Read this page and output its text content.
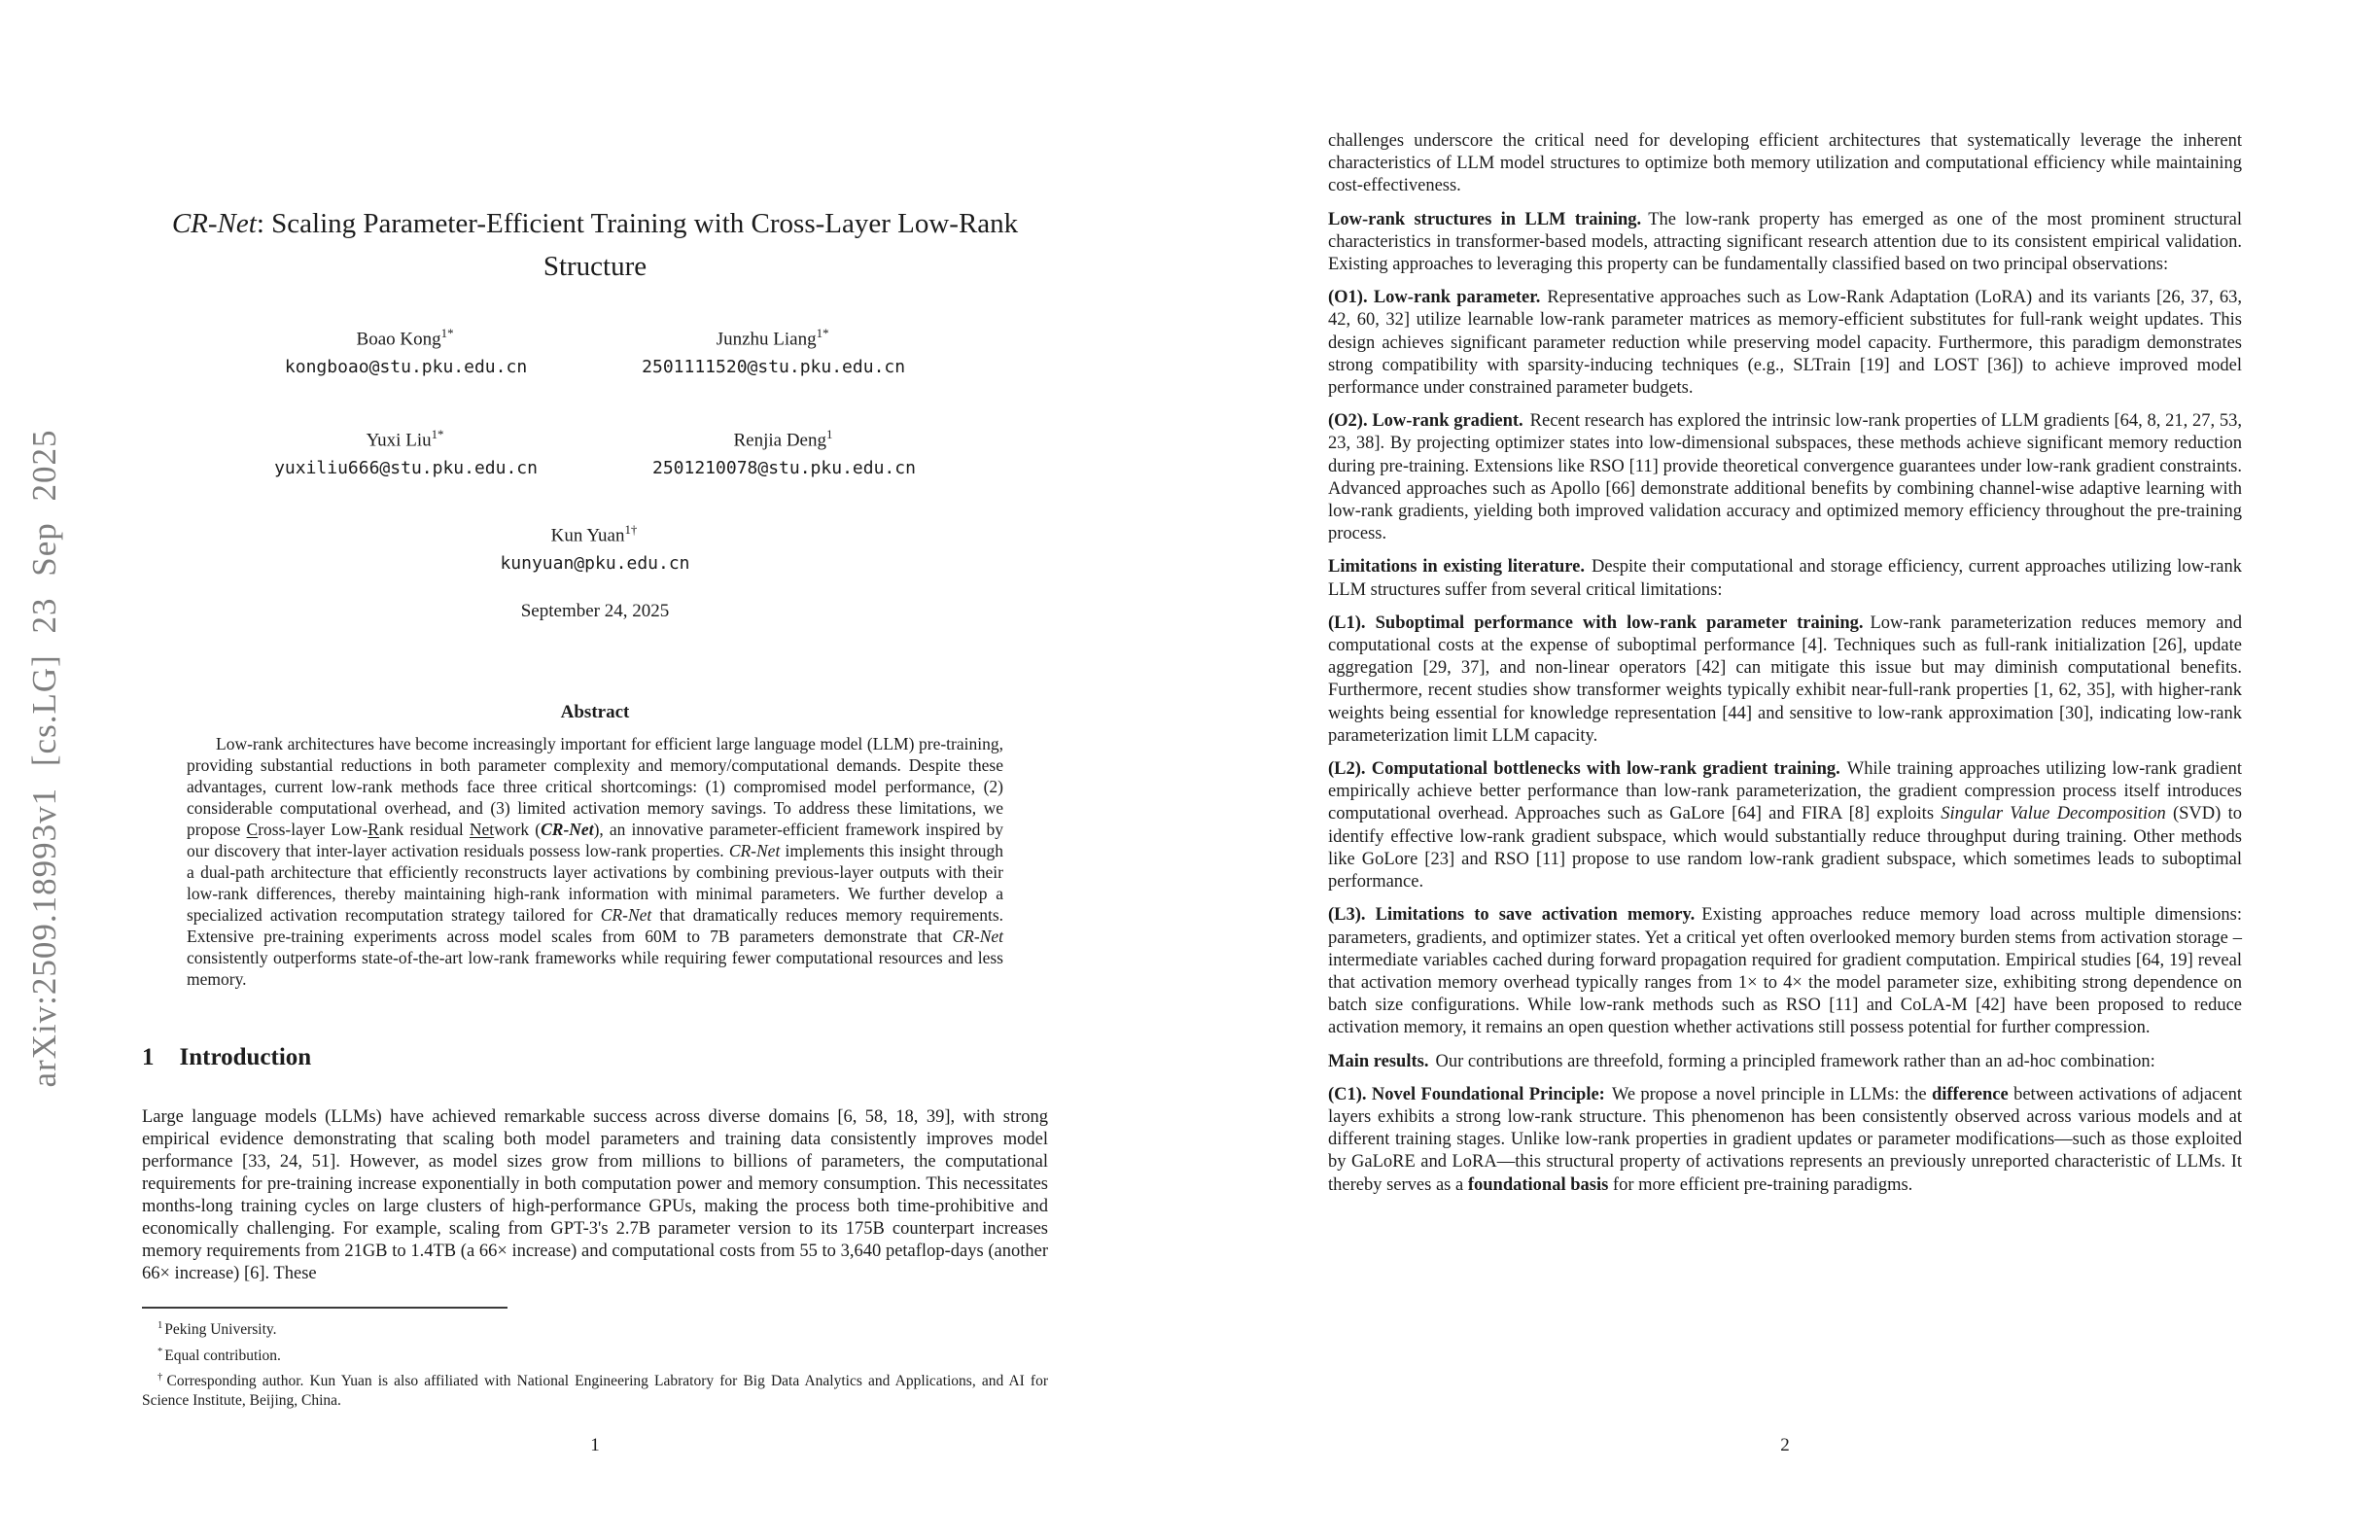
arXiv:2509.18993v1 [cs.LG] 23 Sep 2025
CR-Net: Scaling Parameter-Efficient Training with Cross-Layer Low-Rank Structure
Boao Kong$^{1*}$
kongboao@stu.pku.edu.cn
Junzhu Liang$^{1*}$
2501111520@stu.pku.edu.cn
Yuxi Liu$^{1*}$
yuxiliu666@stu.pku.edu.cn
Renjia Deng$^1$
2501210078@stu.pku.edu.cn
Kun Yuan$^{1\dagger}$
kunyuan@pku.edu.cn
September 24, 2025
Abstract
Low-rank architectures have become increasingly important for efficient large language model (LLM) pre-training, providing substantial reductions in both parameter complexity and memory/computational demands. Despite these advantages, current low-rank methods face three critical shortcomings: (1) compromised model performance, (2) considerable computational overhead, and (3) limited activation memory savings. To address these limitations, we propose Cross-layer Low-Rank residual Network (CR-Net), an innovative parameter-efficient framework inspired by our discovery that inter-layer activation residuals possess low-rank properties. CR-Net implements this insight through a dual-path architecture that efficiently reconstructs layer activations by combining previous-layer outputs with their low-rank differences, thereby maintaining high-rank information with minimal parameters. We further develop a specialized activation recomputation strategy tailored for CR-Net that dramatically reduces memory requirements. Extensive pre-training experiments across model scales from 60M to 7B parameters demonstrate that CR-Net consistently outperforms state-of-the-art low-rank frameworks while requiring fewer computational resources and less memory.
1 Introduction
Large language models (LLMs) have achieved remarkable success across diverse domains [6, 58, 18, 39], with strong empirical evidence demonstrating that scaling both model parameters and training data consistently improves model performance [33, 24, 51]. However, as model sizes grow from millions to billions of parameters, the computational requirements for pre-training increase exponentially in both computation power and memory consumption. This necessitates months-long training cycles on large clusters of high-performance GPUs, making the process both time-prohibitive and economically challenging. For example, scaling from GPT-3's 2.7B parameter version to its 175B counterpart increases memory requirements from 21GB to 1.4TB (a 66× increase) and computational costs from 55 to 3,640 petaflop-days (another 66× increase) [6]. These

$^1$ Peking University.

* Equal contribution.

† Corresponding author. Kun Yuan is also affiliated with National Engineering Labratory for Big Data Analytics and Applications, and AI for Science Institute, Beijing, China.

1

challenges underscore the critical need for developing efficient architectures that systematically leverage the inherent characteristics of LLM model structures to optimize both memory utilization and computational efficiency while maintaining cost-effectiveness.

Low-rank structures in LLM training. The low-rank property has emerged as one of the most prominent structural characteristics in transformer-based models, attracting significant research attention due to its consistent empirical validation. Existing approaches to leveraging this property can be fundamentally classified based on two principal observations:

(O1). Low-rank parameter. Representative approaches such as Low-Rank Adaptation (LoRA) and its variants [26, 37, 63, 42, 60, 32] utilize learnable low-rank parameter matrices as memory-efficient substitutes for full-rank weight updates. This design achieves significant parameter reduction while preserving model capacity. Furthermore, this paradigm demonstrates strong compatibility with sparsity-inducing techniques (e.g., SLTrain [19] and LOST [36]) to achieve improved model performance under constrained parameter budgets.

(O2). Low-rank gradient. Recent research has explored the intrinsic low-rank properties of LLM gradients [64, 8, 21, 27, 53, 23, 38]. By projecting optimizer states into low-dimensional subspaces, these methods achieve significant memory reduction during pre-training. Extensions like RSO [11] provide theoretical convergence guarantees under low-rank gradient constraints. Advanced approaches such as Apollo [66] demonstrate additional benefits by combining channel-wise adaptive learning with low-rank gradients, yielding both improved validation accuracy and optimized memory efficiency throughout the pre-training process.

Limitations in existing literature. Despite their computational and storage efficiency, current approaches utilizing low-rank LLM structures suffer from several critical limitations:

(L1). Suboptimal performance with low-rank parameter training. Low-rank parameterization reduces memory and computational costs at the expense of suboptimal performance [4]. Techniques such as full-rank initialization [26], update aggregation [29, 37], and non-linear operators [42] can mitigate this issue but may diminish computational benefits. Furthermore, recent studies show transformer weights typically exhibit near-full-rank properties [1, 62, 35], with higher-rank weights being essential for knowledge representation [44] and sensitive to low-rank approximation [30], indicating low-rank parameterization limit LLM capacity.

(L2). Computational bottlenecks with low-rank gradient training. While training approaches utilizing low-rank gradient empirically achieve better performance than low-rank parameterization, the gradient compression process itself introduces computational overhead. Approaches such as GaLore [64] and FIRA [8] exploits Singular Value Decomposition (SVD) to identify effective low-rank gradient subspace, which would substantially reduce throughput during training. Other methods like GoLore [23] and RSO [11] propose to use random low-rank gradient subspace, which sometimes leads to suboptimal performance.

(L3). Limitations to save activation memory. Existing approaches reduce memory load across multiple dimensions: parameters, gradients, and optimizer states. Yet a critical yet often overlooked memory burden stems from activation storage – intermediate variables cached during forward propagation required for gradient computation. Empirical studies [64, 19] reveal that activation memory overhead typically ranges from 1× to 4× the model parameter size, exhibiting strong dependence on batch size configurations. While low-rank methods such as RSO [11] and CoLA-M [42] have been proposed to reduce activation memory, it remains an open question whether activations still possess potential for further compression.

Main results. Our contributions are threefold, forming a principled framework rather than an ad-hoc combination:

(C1). Novel Foundational Principle: We propose a novel principle in LLMs: the difference between activations of adjacent layers exhibits a strong low-rank structure. This phenomenon has been consistently observed across various models and at different training stages. Unlike low-rank properties in gradient updates or parameter modifications—such as those exploited by GaLoRE and LoRA—this structural property of activations represents an previously unreported characteristic of LLMs. It thereby serves as a foundational basis for more efficient pre-training paradigms.

2
